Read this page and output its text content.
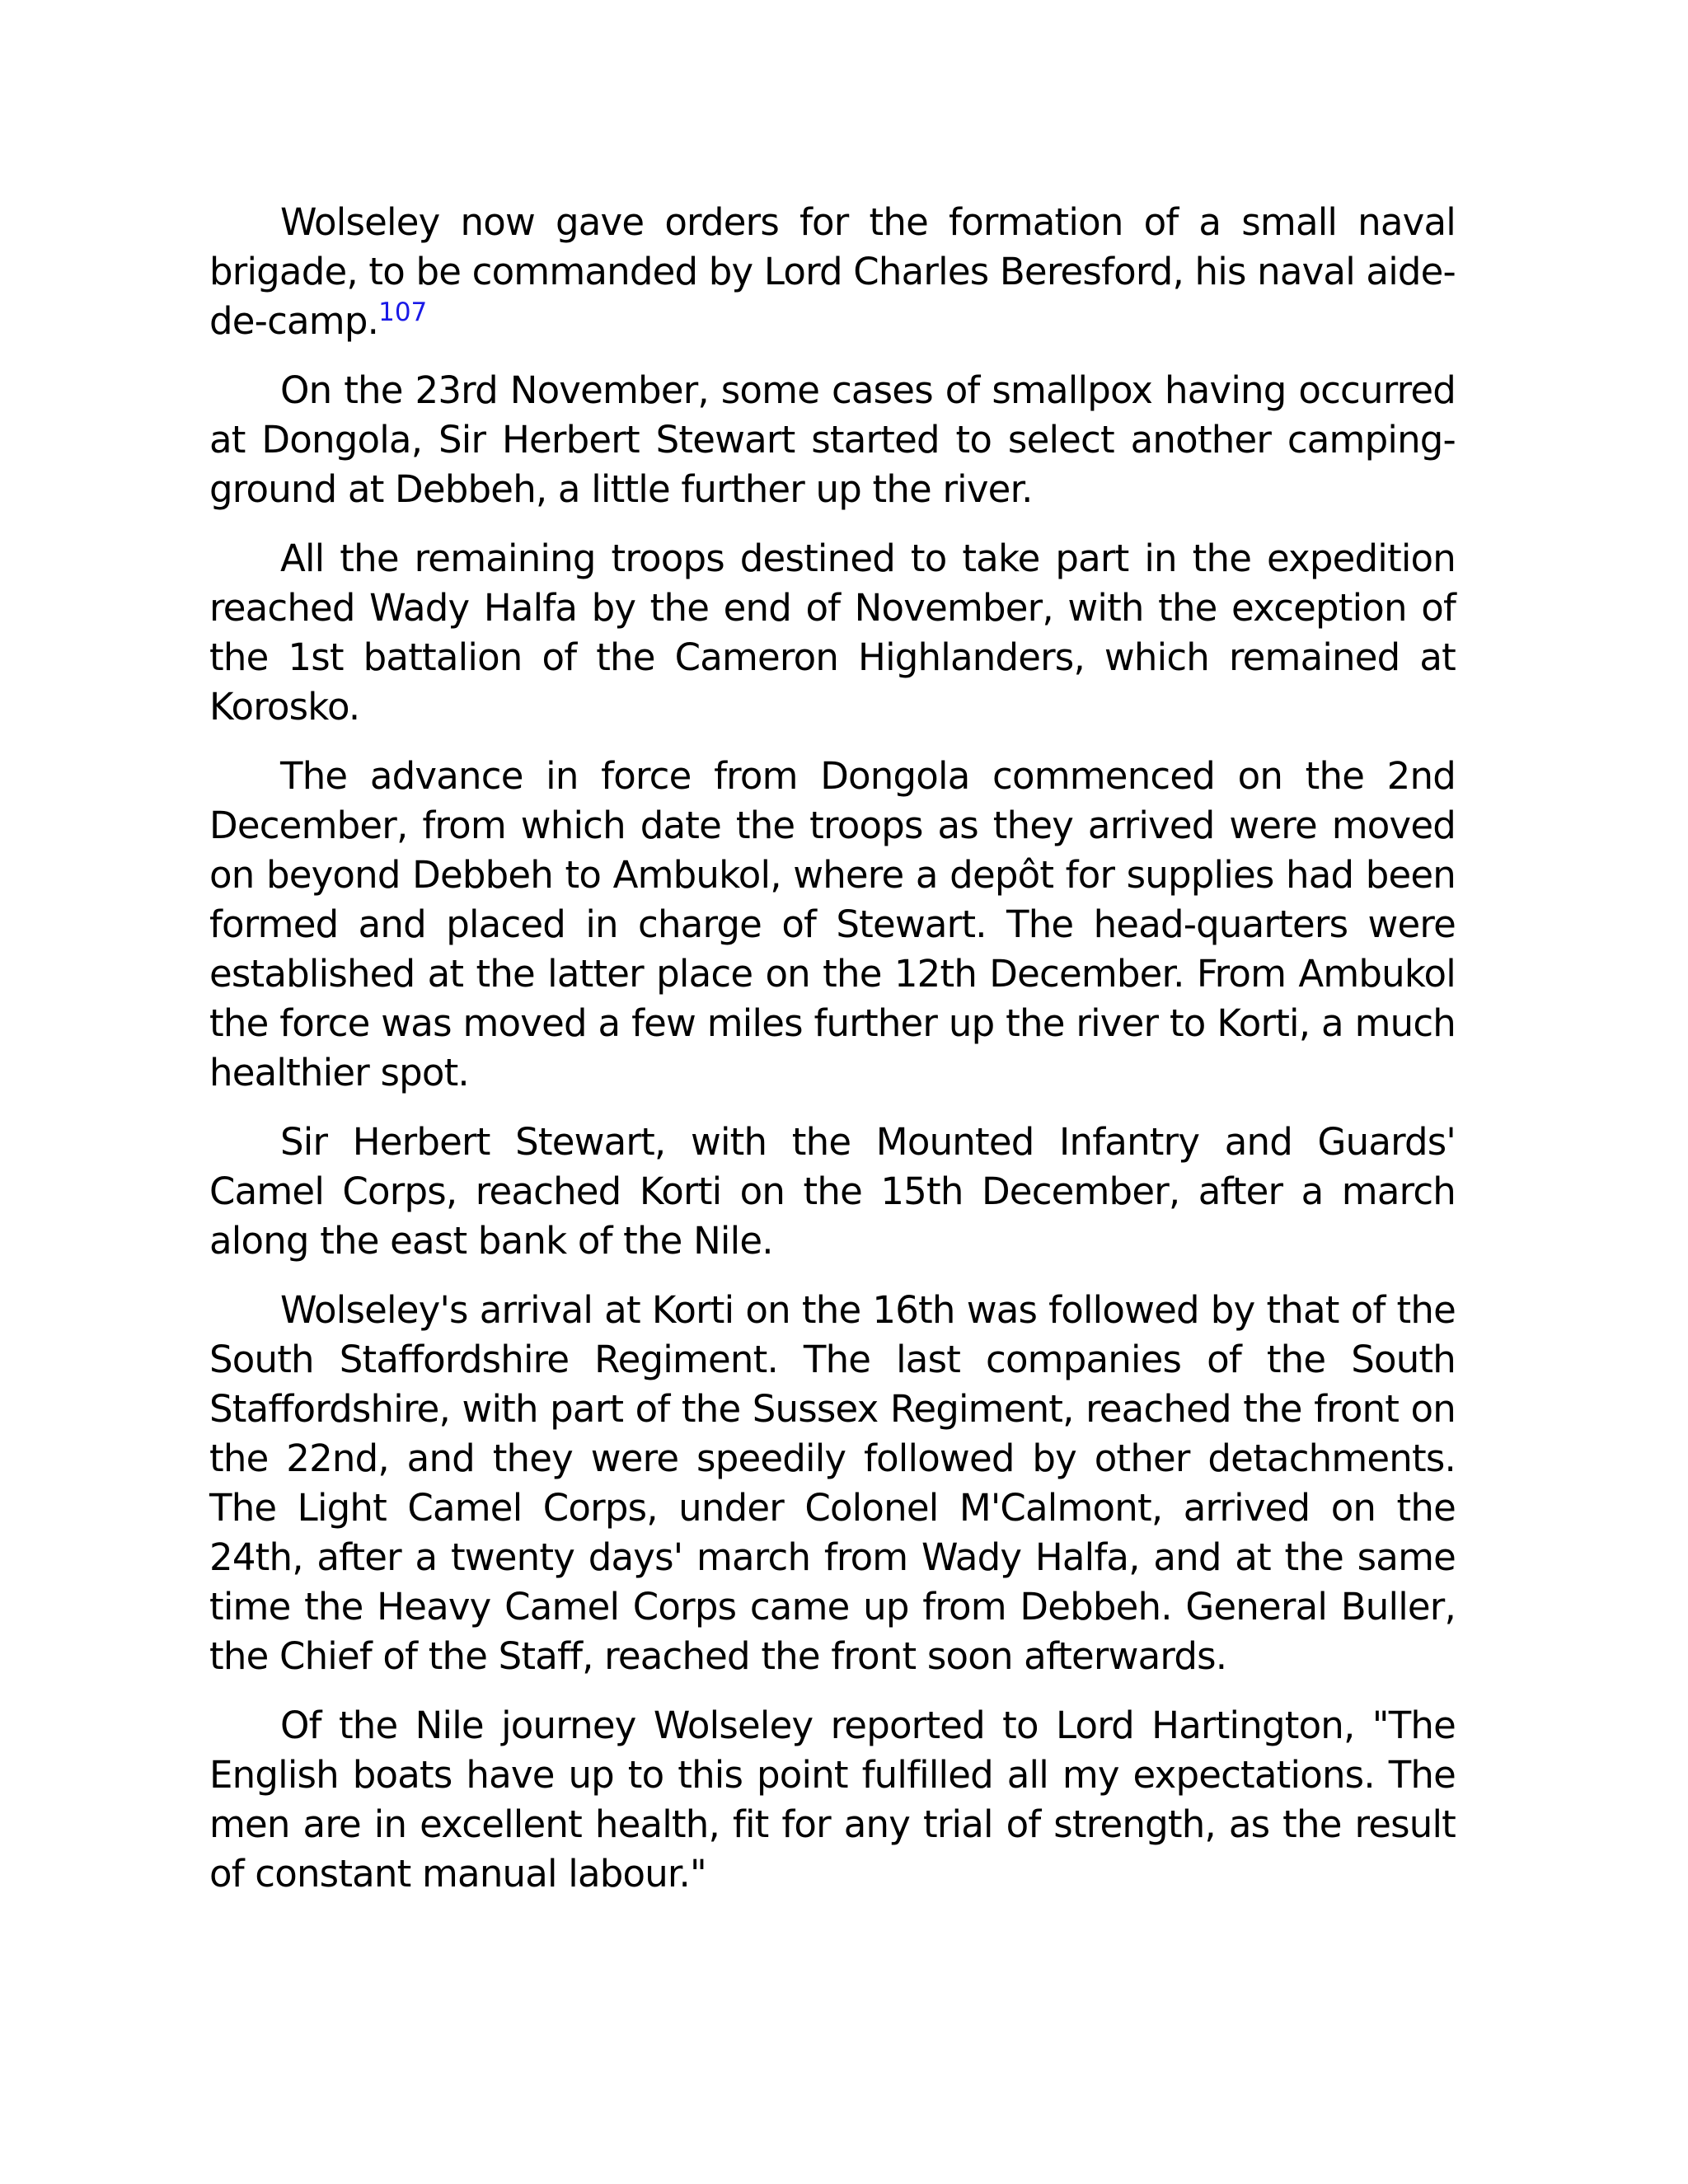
Wolseley now gave orders for the formation of a small naval brigade, to be commanded by Lord Charles Beresford, his naval aide-de-camp.$^{107}$

On the 23rd November, some cases of smallpox having occurred at Dongola, Sir Herbert Stewart started to select another camping-ground at Debbeh, a little further up the river.

All the remaining troops destined to take part in the expedition reached Wady Halfa by the end of November, with the exception of the 1st battalion of the Cameron Highlanders, which remained at Korosko.

The advance in force from Dongola commenced on the 2nd December, from which date the troops as they arrived were moved on beyond Debbeh to Ambukol, where a depôt for supplies had been formed and placed in charge of Stewart. The head-quarters were established at the latter place on the 12th December. From Ambukol the force was moved a few miles further up the river to Korti, a much healthier spot.

Sir Herbert Stewart, with the Mounted Infantry and Guards' Camel Corps, reached Korti on the 15th December, after a march along the east bank of the Nile.

Wolseley's arrival at Korti on the 16th was followed by that of the South Staffordshire Regiment. The last companies of the South Staffordshire, with part of the Sussex Regiment, reached the front on the 22nd, and they were speedily followed by other detachments. The Light Camel Corps, under Colonel M'Calmont, arrived on the 24th, after a twenty days' march from Wady Halfa, and at the same time the Heavy Camel Corps came up from Debbeh. General Buller, the Chief of the Staff, reached the front soon afterwards.

Of the Nile journey Wolseley reported to Lord Hartington, "The English boats have up to this point fulfilled all my expectations. The men are in excellent health, fit for any trial of strength, as the result of constant manual labour."
